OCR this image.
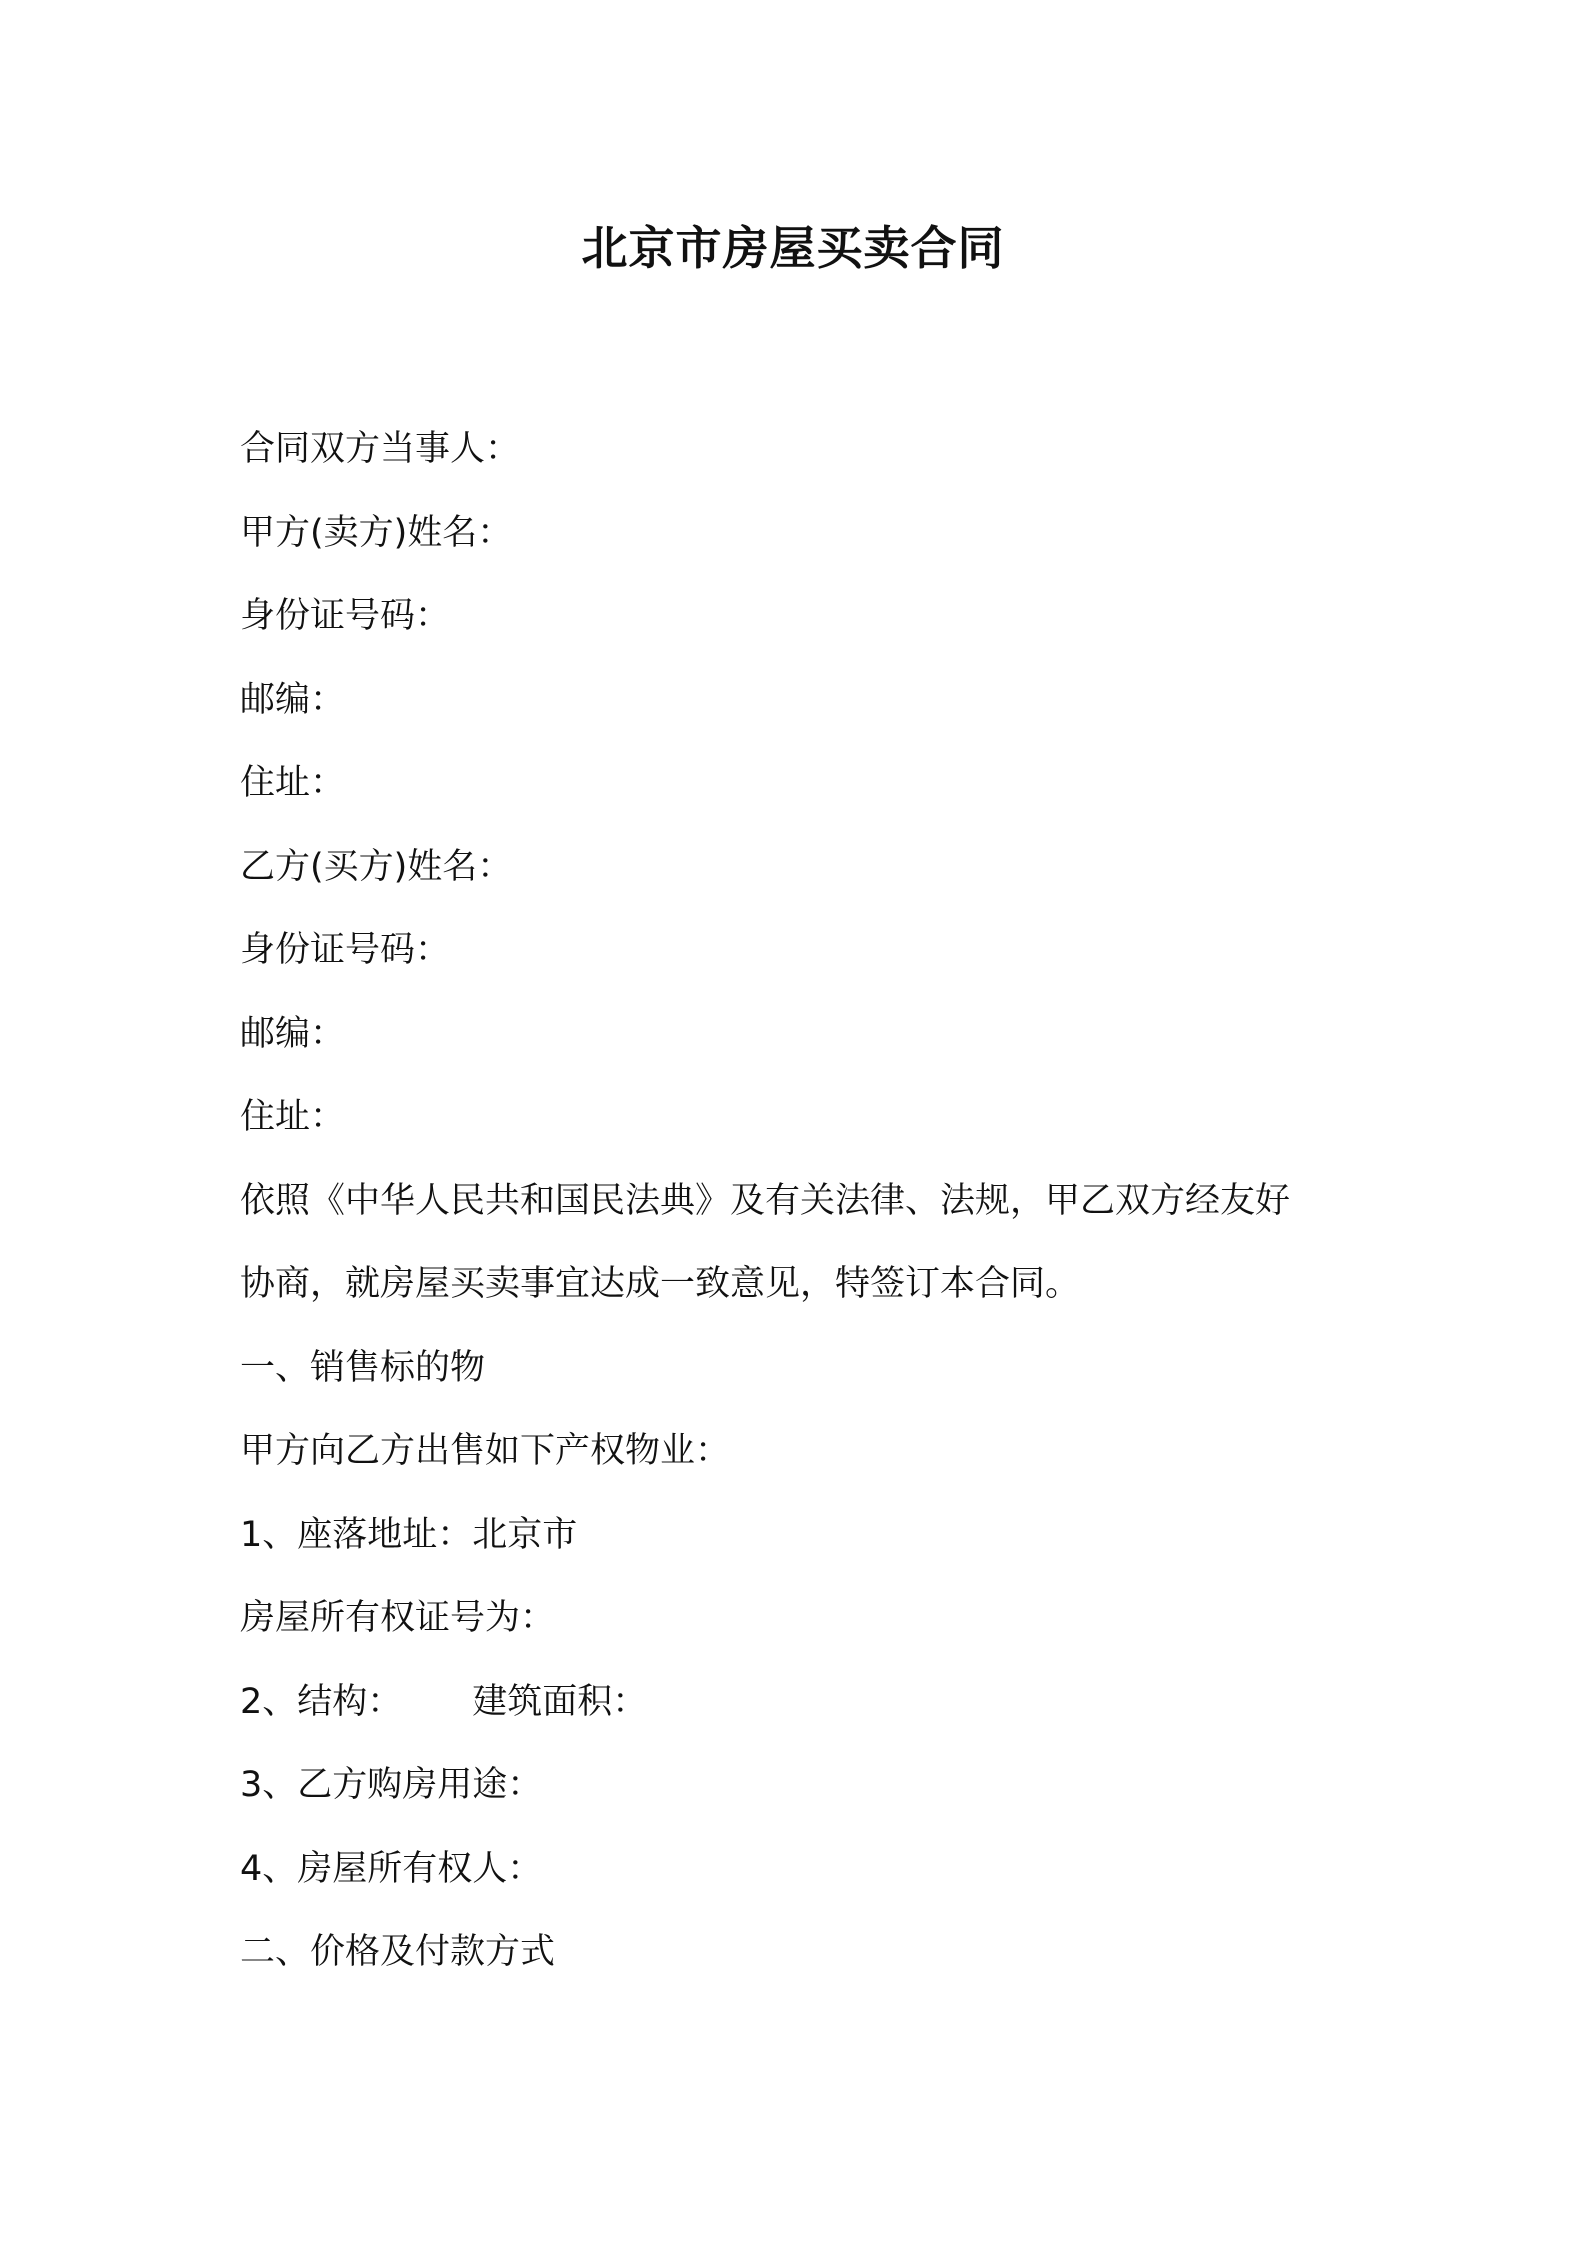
北京市房屋买卖合同
合同双方当事人：
甲方(卖方)姓名：
身份证号码：
邮编：
住址：
乙方(买方)姓名：
身份证号码：
邮编：
住址：
依照《中华人民共和国民法典》及有关法律、法规，甲乙双方经友好
协商，就房屋买卖事宜达成一致意见，特签订本合同。
一、销售标的物
甲方向乙方出售如下产权物业：
1、座落地址：北京市
房屋所有权证号为：
2、结构： 建筑面积：
3、乙方购房用途：
4、房屋所有权人：
二、价格及付款方式
